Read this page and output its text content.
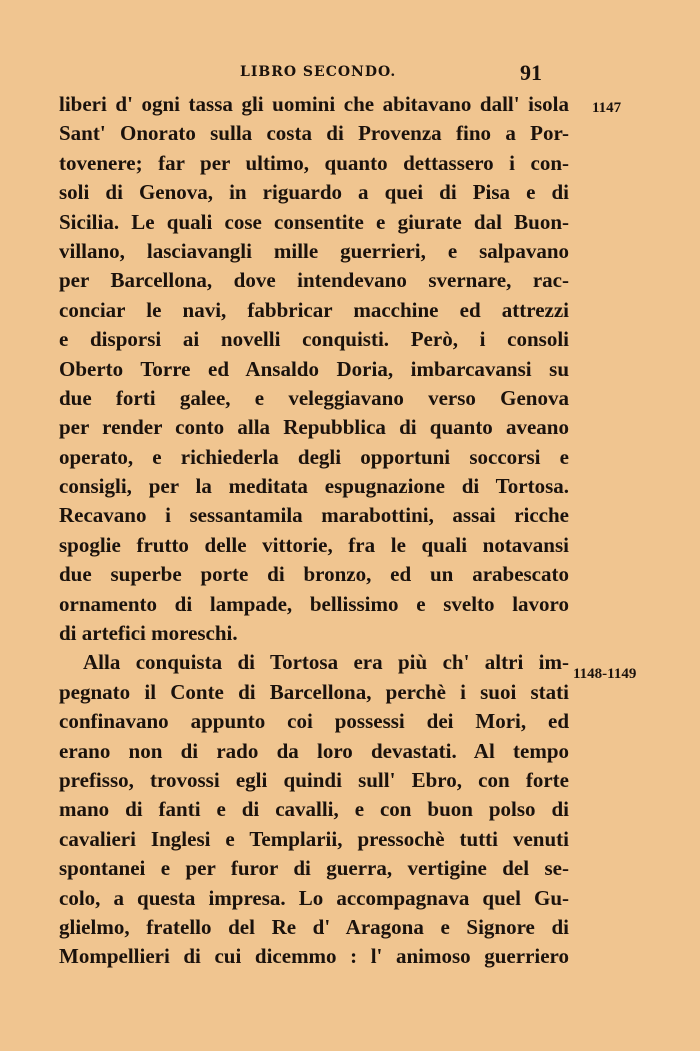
LIBRO SECONDO.	91
1147
1148-1149
liberi d' ogni tassa gli uomini che abitavano dall' isola
Sant' Onorato sulla costa di Provenza fino a Por-
tovenere; far per ultimo, quanto dettassero i con-
soli di Genova, in riguardo a quei di Pisa e di
Sicilia. Le quali cose consentite e giurate dal Buon-
villano, lasciavangli mille guerrieri, e salpavano
per Barcellona, dove intendevano svernare, rac-
conciar le navi, fabbricar macchine ed attrezzi
e disporsi ai novelli conquisti. Però, i consoli
Oberto Torre ed Ansaldo Doria, imbarcavansi su
due forti galee, e veleggiavano verso Genova
per render conto alla Repubblica di quanto aveano
operato, e richiederla degli opportuni soccorsi e
consigli, per la meditata espugnazione di Tortosa.
Recavano i sessantamila marabottini, assai ricche
spoglie frutto delle vittorie, fra le quali notavansi
due superbe porte di bronzo, ed un arabescato
ornamento di lampade, bellissimo e svelto lavoro
di artefici moreschi.
Alla conquista di Tortosa era più ch' altri im-
pegnato il Conte di Barcellona, perchè i suoi stati
confinavano appunto coi possessi dei Mori, ed
erano non di rado da loro devastati. Al tempo
prefisso, trovossi egli quindi sull' Ebro, con forte
mano di fanti e di cavalli, e con buon polso di
cavalieri Inglesi e Templarii, pressochè tutti venuti
spontanei e per furor di guerra, vertigine del se-
colo, a questa impresa. Lo accompagnava quel Gu-
glielmo, fratello del Re d' Aragona e Signore di
Mompellieri di cui dicemmo : l' animoso guerriero
